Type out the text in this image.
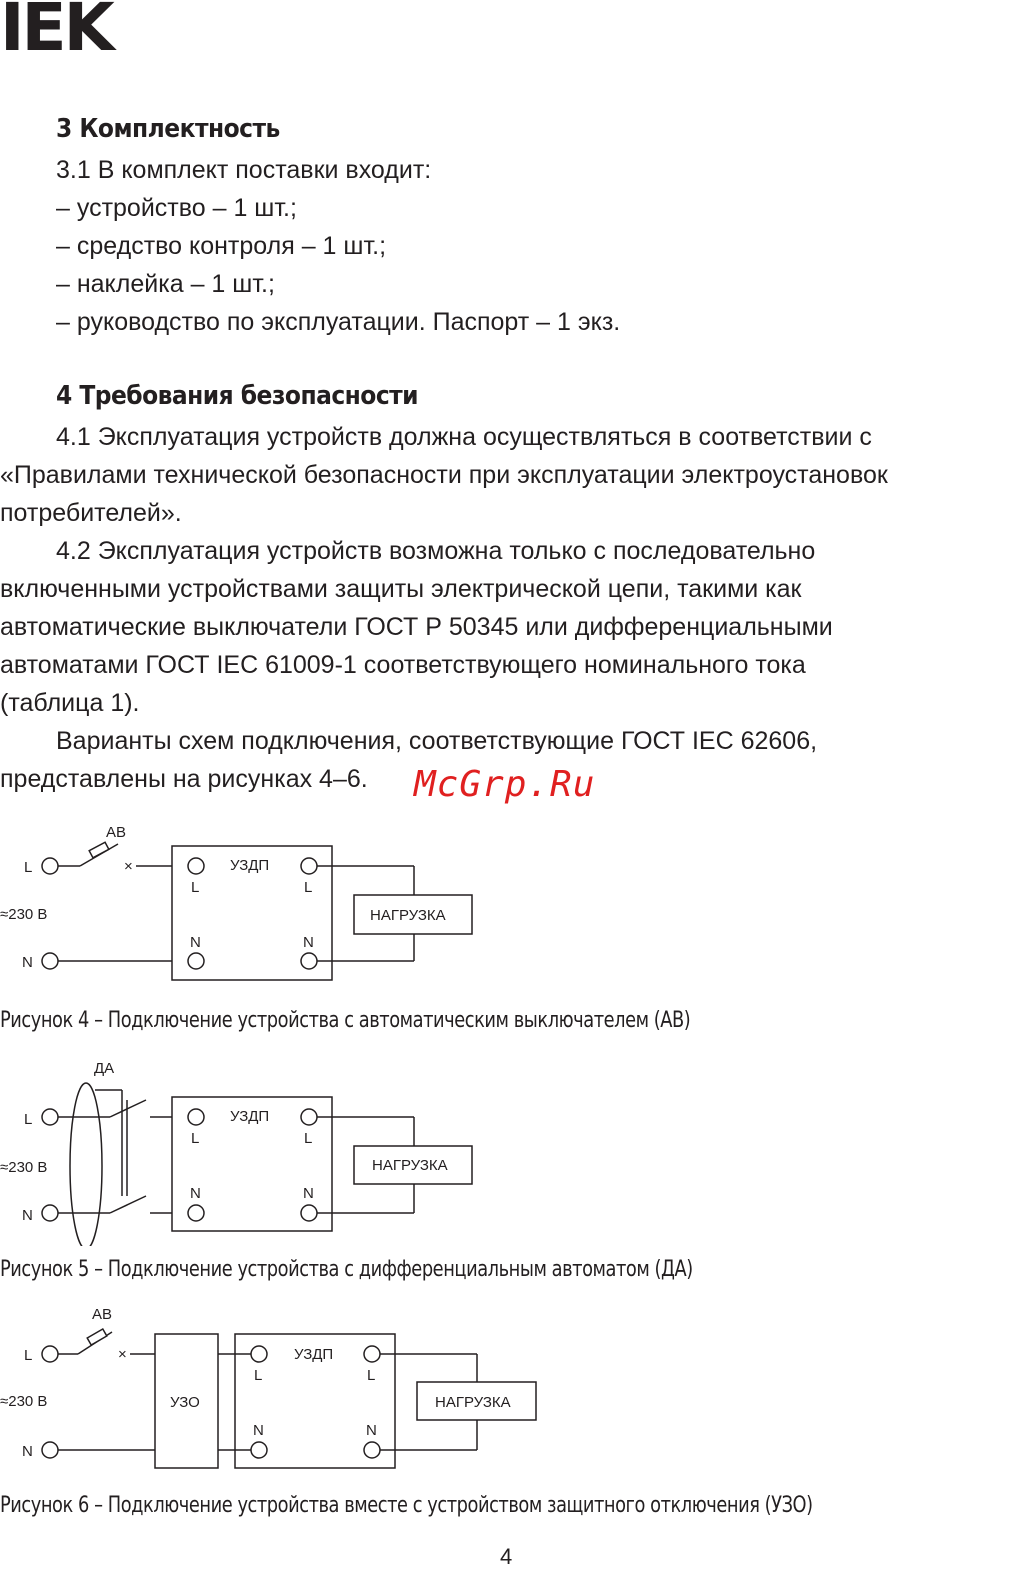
IEK
3 Комплектность
3.1 В комплект поставки входит:
– устройство – 1 шт.;
– средство контроля – 1 шт.;
– наклейка – 1 шт.;
– руководство по эксплуатации. Паспорт – 1 экз.
4 Требования безопасности
4.1 Эксплуатация устройств должна осуществляться в соответствии с
«Правилами технической безопасности при эксплуатации электроустановок
потребителей».
4.2 Эксплуатация устройств возможна только с последовательно
включенными устройствами защиты электрической цепи, такими как
автоматические выключатели ГОСТ Р 50345 или дифференциальными
автоматами ГОСТ IEC 61009-1 соответствующего номинального тока
(таблица 1).
Варианты схем подключения, соответствующие ГОСТ IEC 62606,
представлены на рисунках 4–6. McGrp.Ru
АВ
L
≈230 В
N
×	УЗДП
L	L
N	N
НАГРУЗКА
Рисунок 4 – Подключение устройства с автоматическим выключателем (АВ)
ДА
L
≈230 В
N
УЗДП
L	L
N	N
НАГРУЗКА
Рисунок 5 – Подключение устройства с дифференциальным автоматом (ДА)
АВ
L
≈230 В
N
×
УЗО
УЗДП
L	L
N	N
НАГРУЗКА
Рисунок 6 – Подключение устройства вместе с устройством защитного отключения (УЗО)
4
